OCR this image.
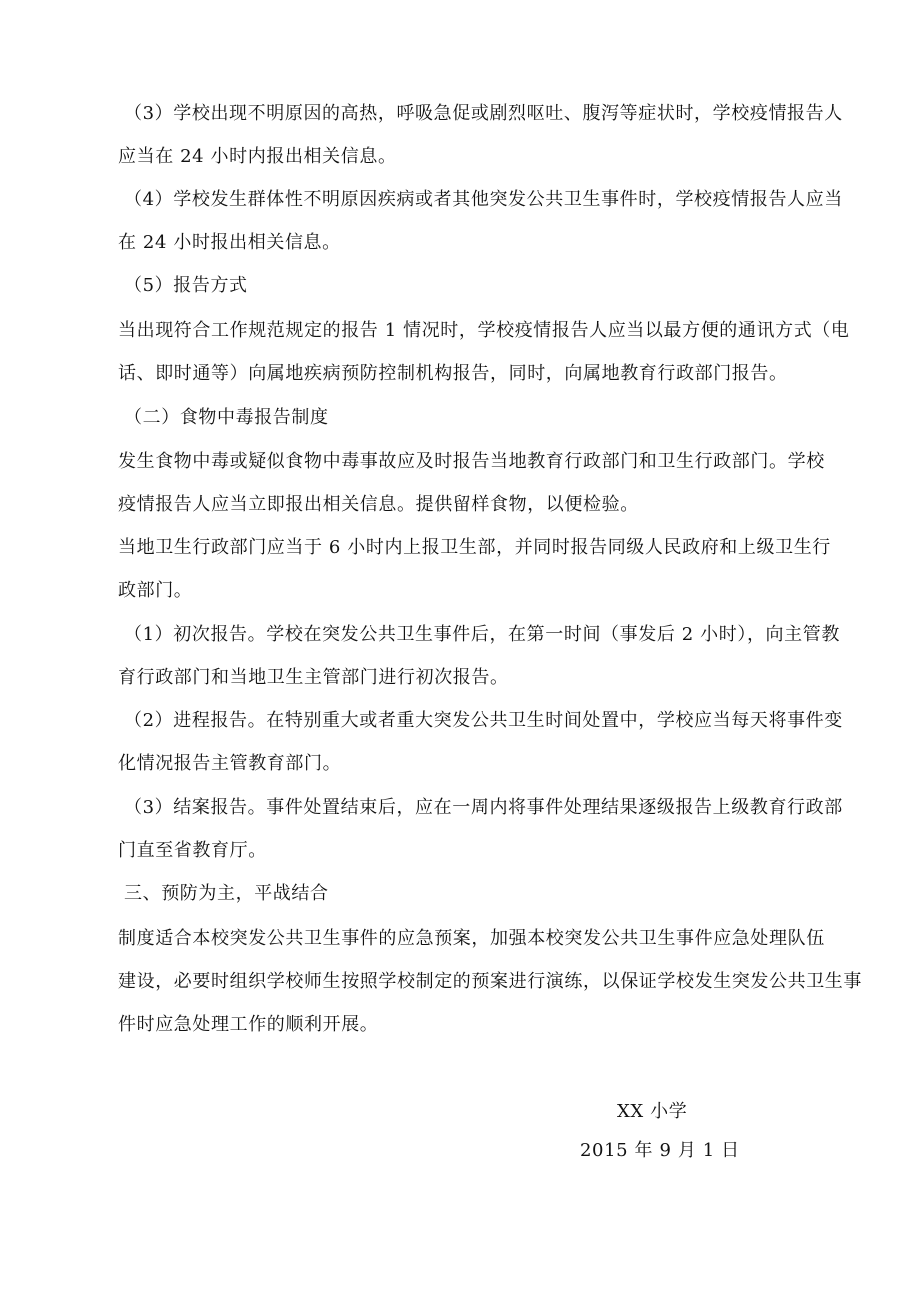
（3）学校出现不明原因的高热，呼吸急促或剧烈呕吐、腹泻等症状时，学校疫情报告人
应当在 24 小时内报出相关信息。
（4）学校发生群体性不明原因疾病或者其他突发公共卫生事件时，学校疫情报告人应当
在 24 小时报出相关信息。
（5）报告方式
当出现符合工作规范规定的报告 1 情况时，学校疫情报告人应当以最方便的通讯方式（电
话、即时通等）向属地疾病预防控制机构报告，同时，向属地教育行政部门报告。
（二）食物中毒报告制度
发生食物中毒或疑似食物中毒事故应及时报告当地教育行政部门和卫生行政部门。学校
疫情报告人应当立即报出相关信息。提供留样食物，以便检验。
当地卫生行政部门应当于 6 小时内上报卫生部，并同时报告同级人民政府和上级卫生行
政部门。
（1）初次报告。学校在突发公共卫生事件后，在第一时间（事发后 2 小时），向主管教
育行政部门和当地卫生主管部门进行初次报告。
（2）进程报告。在特别重大或者重大突发公共卫生时间处置中，学校应当每天将事件变
化情况报告主管教育部门。
（3）结案报告。事件处置结束后，应在一周内将事件处理结果逐级报告上级教育行政部
门直至省教育厅。
三、预防为主，平战结合
制度适合本校突发公共卫生事件的应急预案，加强本校突发公共卫生事件应急处理队伍
建设，必要时组织学校师生按照学校制定的预案进行演练，以保证学校发生突发公共卫生事
件时应急处理工作的顺利开展。
XX 小学
2015 年 9 月 1 日
